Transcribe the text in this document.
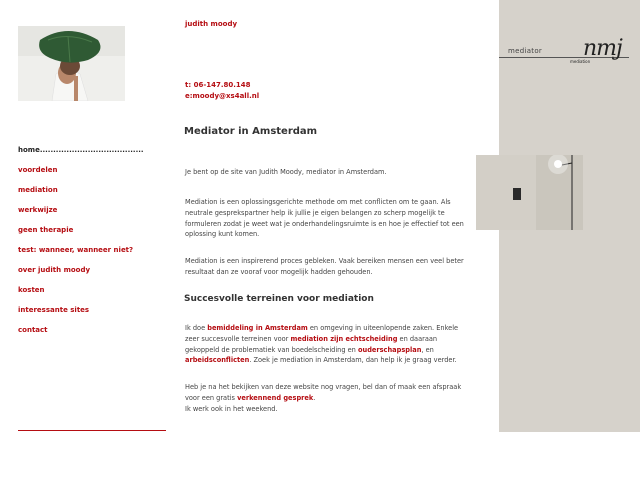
home.......................................
voordelen
mediation
werkwijze
geen therapie
test: wanneer, wanneer niet?
over judith moody
kosten
interessante sites
contact
judith moody
t: 06-147.80.148
e:moody@xs4all.nl
Mediator in Amsterdam

Je bent op de site van Judith Moody, mediator in Amsterdam.

Mediation is een oplossingsgerichte methode om met conflicten om te gaan. Als neutrale gesprekspartner help ik jullie je eigen belangen zo scherp mogelijk te formuleren zodat je weet wat je onderhandelingsruimte is en hoe je effectief tot een oplossing kunt komen.

Mediation is een inspirerend proces gebleken. Vaak bereiken mensen een veel beter resultaat dan ze vooraf voor mogelijk hadden gehouden.

Succesvolle terreinen voor mediation

Ik doe bemiddeling in Amsterdam en omgeving in uiteenlopende zaken. Enkele zeer succesvolle terreinen voor mediation zijn echtscheiding en daaraan gekoppeld de problematiek van boedelscheiding en ouderschapsplan, en arbeidsconflicten. Zoek je mediation in Amsterdam, dan help ik je graag verder.

Heb je na het bekijken van deze website nog vragen, bel dan of maak een afspraak voor een gratis verkennend gesprek.
Ik werk ook in het weekend.

mediator nmj
mediation
